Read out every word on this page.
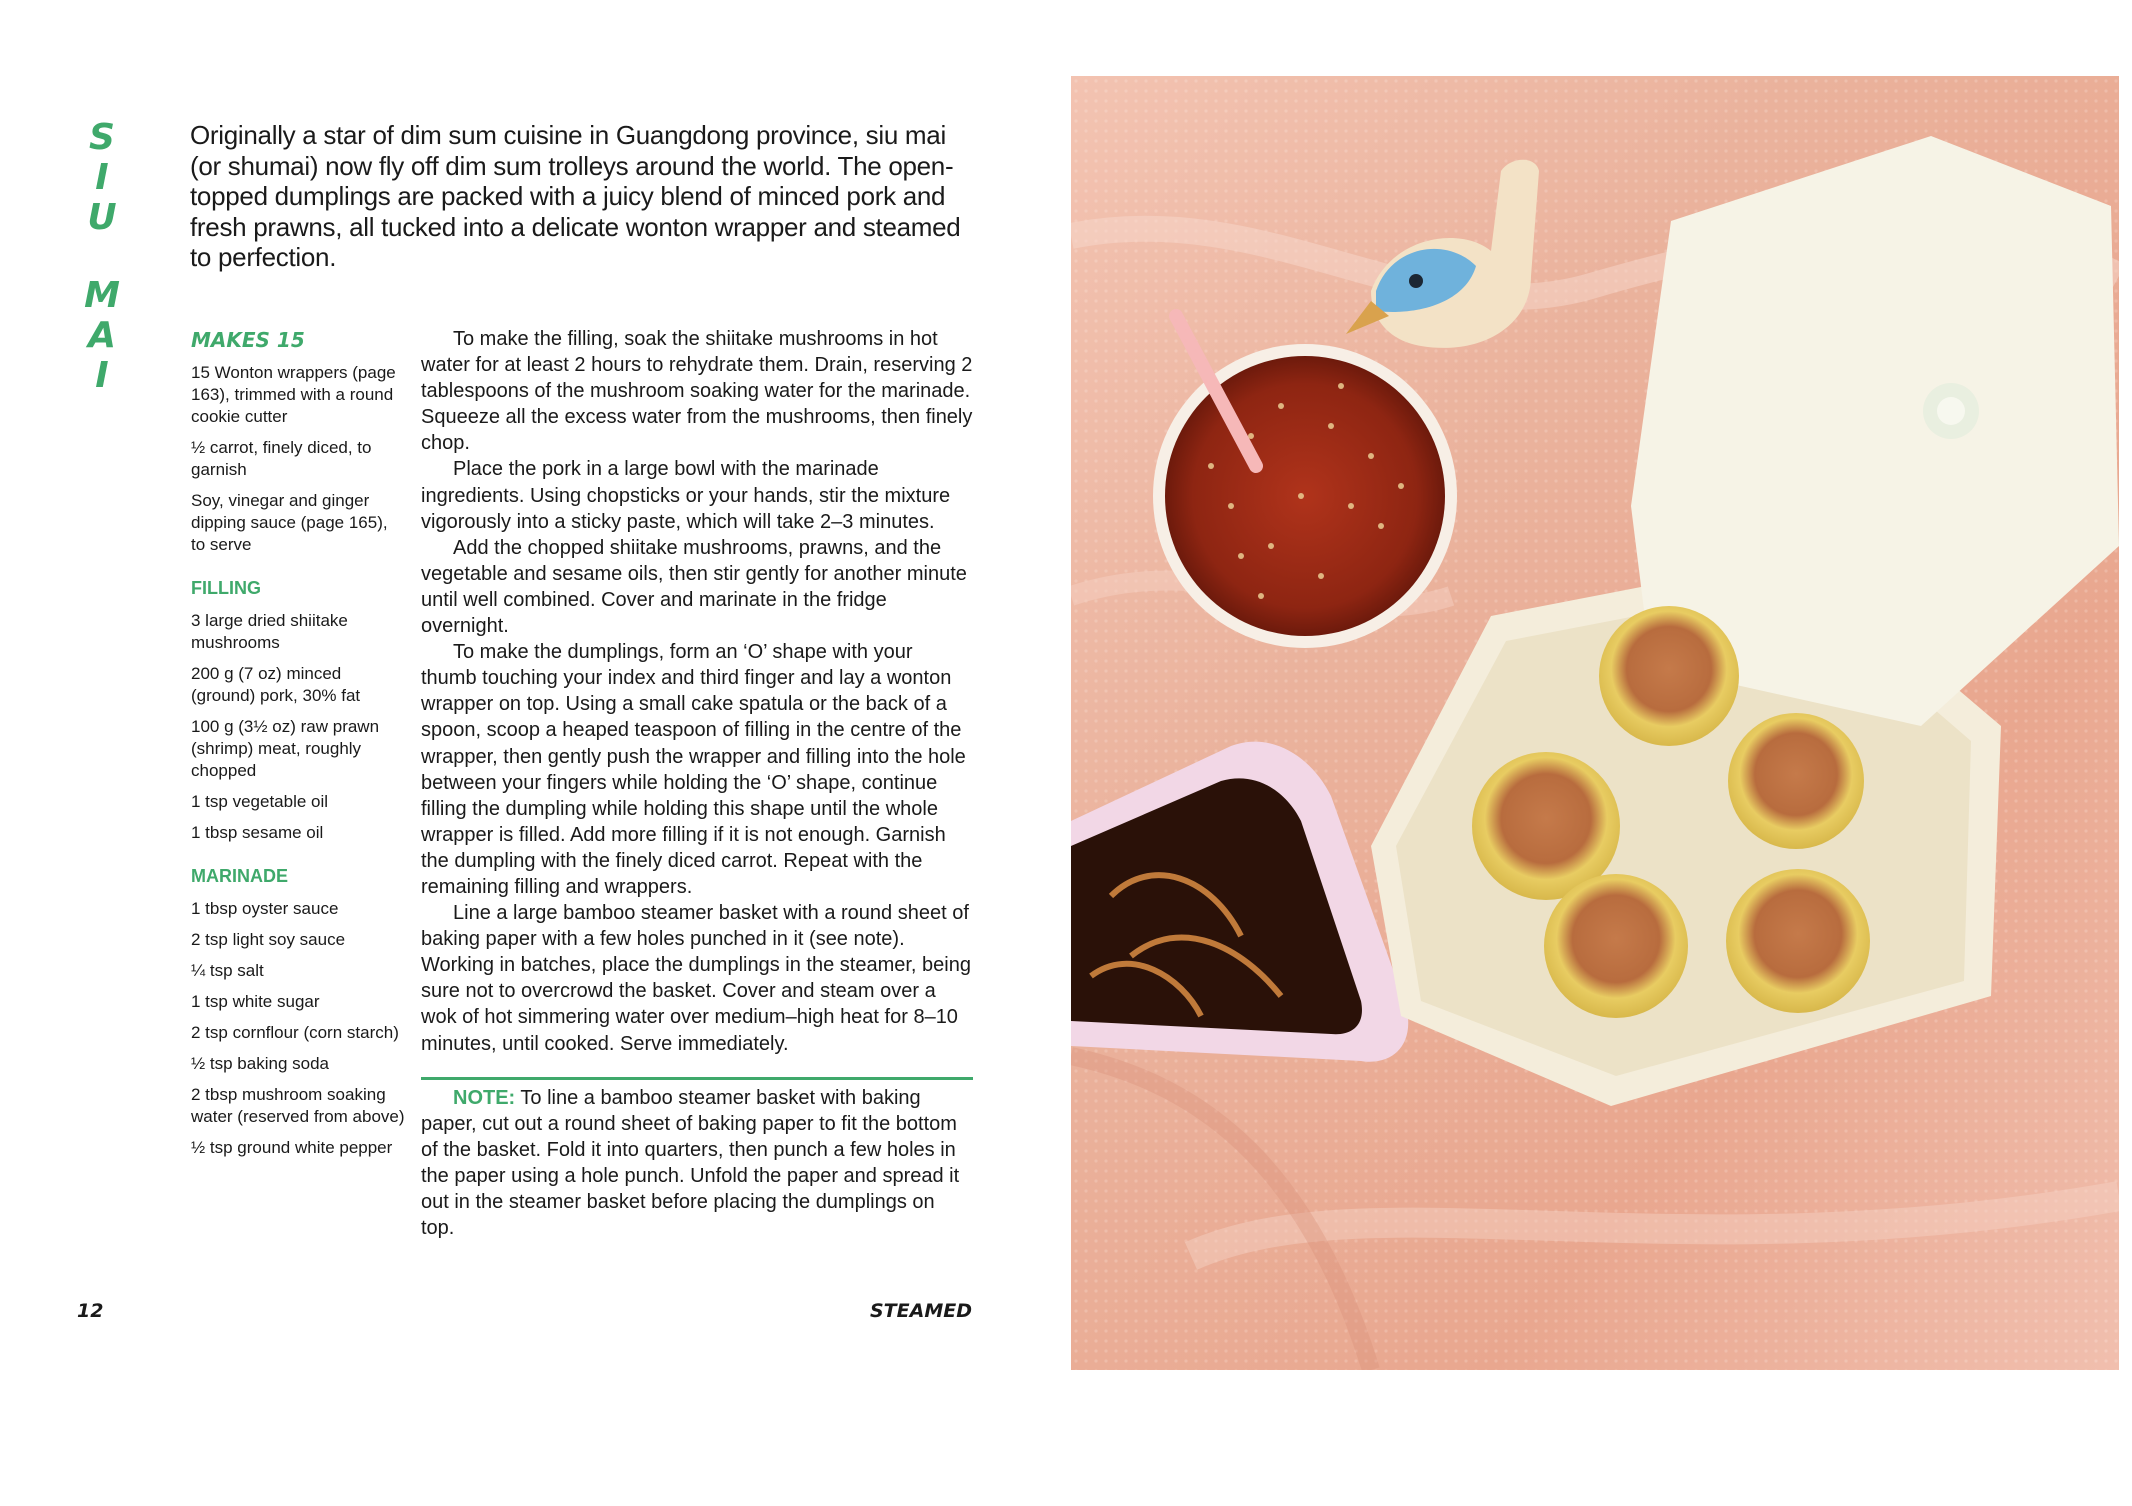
S
I
U
M
A
I

Originally a star of dim sum cuisine in Guangdong province, siu mai (or shumai) now fly off dim sum trolleys around the world. The open-topped dumplings are packed with a juicy blend of minced pork and fresh prawns, all tucked into a delicate wonton wrapper and steamed to perfection.

MAKES 15

15 Wonton wrappers (page 163), trimmed with a round cookie cutter

½ carrot, finely diced, to garnish

Soy, vinegar and ginger dipping sauce (page 165), to serve

FILLING

3 large dried shiitake mushrooms

200 g (7 oz) minced (ground) pork, 30% fat

100 g (3½ oz) raw prawn (shrimp) meat, roughly chopped

1 tsp vegetable oil

1 tbsp sesame oil

MARINADE

1 tbsp oyster sauce

2 tsp light soy sauce

¼ tsp salt

1 tsp white sugar

2 tsp cornflour (corn starch)

½ tsp baking soda

2 tbsp mushroom soaking water (reserved from above)

½ tsp ground white pepper

To make the filling, soak the shiitake mushrooms in hot water for at least 2 hours to rehydrate them. Drain, reserving 2 tablespoons of the mushroom soaking water for the marinade. Squeeze all the excess water from the mushrooms, then finely chop.

Place the pork in a large bowl with the marinade ingredients. Using chopsticks or your hands, stir the mixture vigorously into a sticky paste, which will take 2–3 minutes.

Add the chopped shiitake mushrooms, prawns, and the vegetable and sesame oils, then stir gently for another minute until well combined. Cover and marinate in the fridge overnight.

To make the dumplings, form an ‘O’ shape with your thumb touching your index and third finger and lay a wonton wrapper on top. Using a small cake spatula or the back of a spoon, scoop a heaped teaspoon of filling in the centre of the wrapper, then gently push the wrapper and filling into the hole between your fingers while holding the ‘O’ shape, continue filling the dumpling while holding this shape until the whole wrapper is filled. Add more filling if it is not enough. Garnish the dumpling with the finely diced carrot. Repeat with the remaining filling and wrappers.

Line a large bamboo steamer basket with a round sheet of baking paper with a few holes punched in it (see note). Working in batches, place the dumplings in the steamer, being sure not to overcrowd the basket. Cover and steam over a wok of hot simmering water over medium–high heat for 8–10 minutes, until cooked. Serve immediately.

NOTE: To line a bamboo steamer basket with baking paper, cut out a round sheet of baking paper to fit the bottom of the basket. Fold it into quarters, then punch a few holes in the paper using a hole punch. Unfold the paper and spread it out in the steamer basket before placing the dumplings on top.

12	STEAMED
